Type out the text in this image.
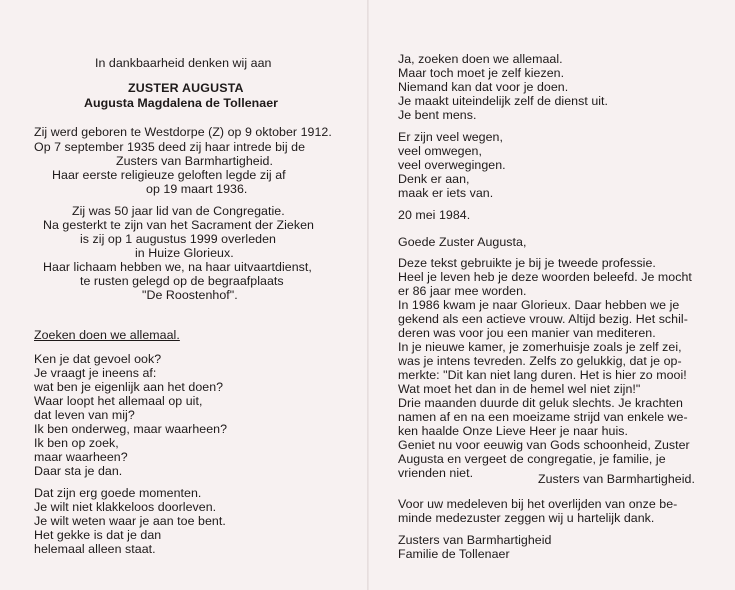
In dankbaarheid denken wij aan

ZUSTER AUGUSTA

Augusta Magdalena de Tollenaer

Zij werd geboren te Westdorpe (Z) op 9 oktober 1912.

Op 7 september 1935 deed zij haar intrede bij de

Zusters van Barmhartigheid.

Haar eerste religieuze geloften legde zij af

op 19 maart 1936.

Zij was 50 jaar lid van de Congregatie.

Na gesterkt te zijn van het Sacrament der Zieken

is zij op 1 augustus 1999 overleden

in Huize Glorieux.

Haar lichaam hebben we, na haar uitvaartdienst,

te rusten gelegd op de begraafplaats

"De Roostenhof".

Zoeken doen we allemaal.

Ken je dat gevoel ook?

Je vraagt je ineens af:

wat ben je eigenlijk aan het doen?

Waar loopt het allemaal op uit,

dat leven van mij?

Ik ben onderweg, maar waarheen?

Ik ben op zoek,

maar waarheen?

Daar sta je dan.

Dat zijn erg goede momenten.

Je wilt niet klakkeloos doorleven.

Je wilt weten waar je aan toe bent.

Het gekke is dat je dan

helemaal alleen staat.

Ja, zoeken doen we allemaal.

Maar toch moet je zelf kiezen.

Niemand kan dat voor je doen.

Je maakt uiteindelijk zelf de dienst uit.

Je bent mens.

Er zijn veel wegen,

veel omwegen,

veel overwegingen.

Denk er aan,

maak er iets van.

20 mei 1984.

Goede Zuster Augusta,

Deze tekst gebruikte je bij je tweede professie.

Heel je leven heb je deze woorden beleefd. Je mocht

er 86 jaar mee worden.

In 1986 kwam je naar Glorieux. Daar hebben we je

gekend als een actieve vrouw. Altijd bezig. Het schil-

deren was voor jou een manier van mediteren.

In je nieuwe kamer, je zomerhuisje zoals je zelf zei,

was je intens tevreden. Zelfs zo gelukkig, dat je op-

merkte: "Dit kan niet lang duren. Het is hier zo mooi!

Wat moet het dan in de hemel wel niet zijn!"

Drie maanden duurde dit geluk slechts. Je krachten

namen af en na een moeizame strijd van enkele we-

ken haalde Onze Lieve Heer je naar huis.

Geniet nu voor eeuwig van Gods schoonheid, Zuster

Augusta en vergeet de congregatie, je familie, je

vrienden niet.	Zusters van Barmhartigheid.

Voor uw medeleven bij het overlijden van onze be-

minde medezuster zeggen wij u hartelijk dank.

Zusters van Barmhartigheid

Familie de Tollenaer
